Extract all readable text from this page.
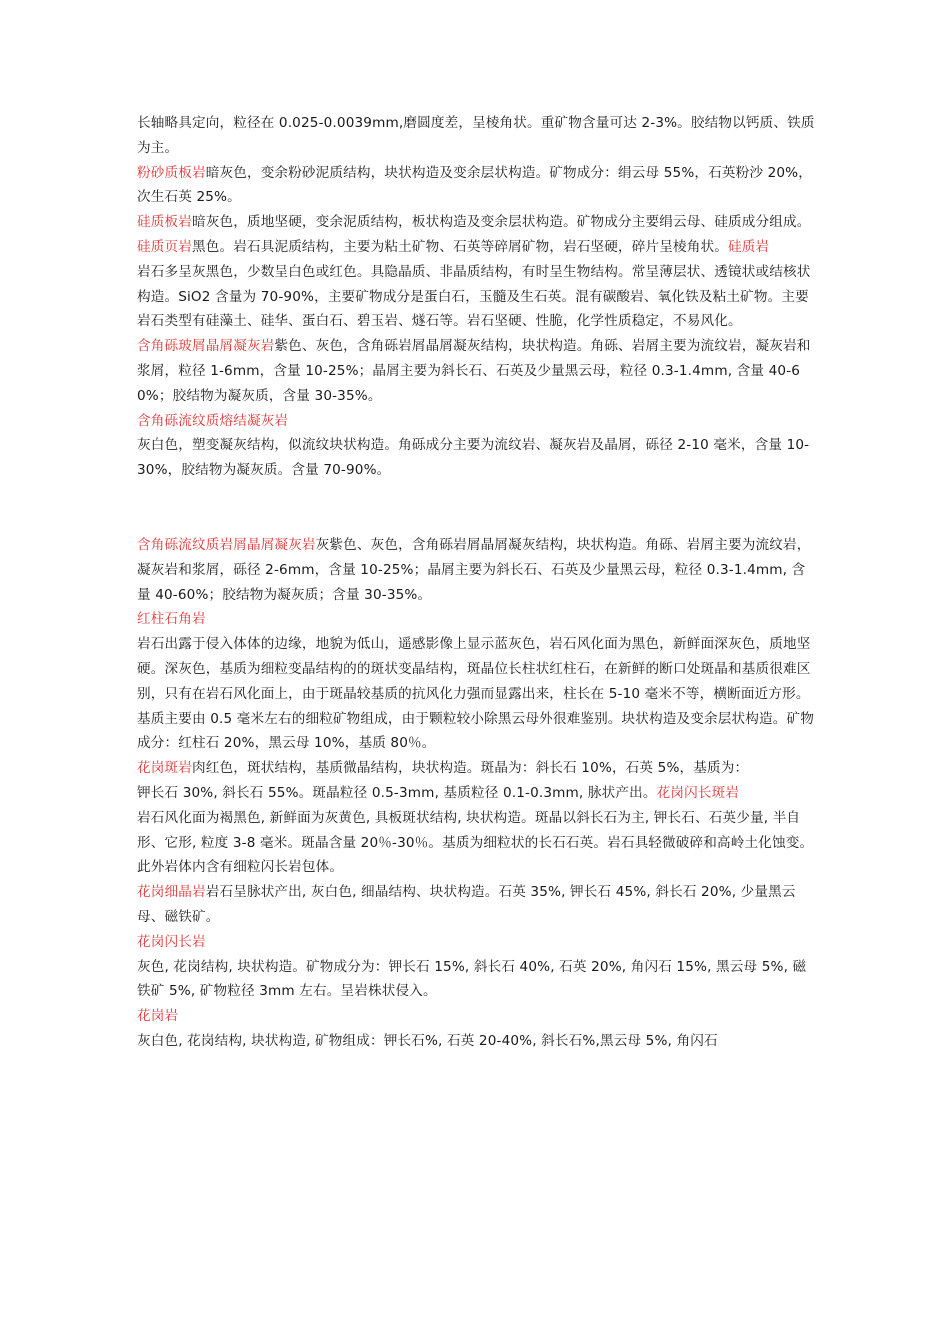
长轴略具定向，粒径在 0.025-0.0039mm,磨圆度差，呈棱角状。重矿物含量可达 2-3%。胶结物以钙质、铁质为主。

粉砂质板岩暗灰色，变余粉砂泥质结构，块状构造及变余层状构造。矿物成分：绢云母 55%，石英粉沙 20%，次生石英 25%。

硅质板岩暗灰色，质地坚硬，变余泥质结构，板状构造及变余层状构造。矿物成分主要绢云母、硅质成分组成。

硅质页岩黑色。岩石具泥质结构，主要为粘土矿物、石英等碎屑矿物，岩石坚硬，碎片呈棱角状。硅质岩

岩石多呈灰黑色，少数呈白色或红色。具隐晶质、非晶质结构，有时呈生物结构。常呈薄层状、透镜状或结核状构造。SiO2 含量为 70-90%，主要矿物成分是蛋白石，玉髓及生石英。混有碳酸岩、氧化铁及粘土矿物。主要岩石类型有硅藻土、硅华、蛋白石、碧玉岩、燧石等。岩石坚硬、性脆，化学性质稳定，不易风化。

含角砾玻屑晶屑凝灰岩紫色、灰色，含角砾岩屑晶屑凝灰结构，块状构造。角砾、岩屑主要为流纹岩，凝灰岩和浆屑，粒径 1-6mm，含量 10-25%；晶屑主要为斜长石、石英及少量黑云母，粒径 0.3-1.4mm, 含量 40-60%；胶结物为凝灰质，含量 30-35%。

含角砾流纹质熔结凝灰岩

灰白色，塑变凝灰结构，似流纹块状构造。角砾成分主要为流纹岩、凝灰岩及晶屑，砾径 2-10 毫米，含量 10-30%，胶结物为凝灰质。含量 70-90%。

含角砾流纹质岩屑晶屑凝灰岩灰紫色、灰色，含角砾岩屑晶屑凝灰结构，块状构造。角砾、岩屑主要为流纹岩，凝灰岩和浆屑，砾径 2-6mm，含量 10-25%；晶屑主要为斜长石、石英及少量黑云母，粒径 0.3-1.4mm, 含量 40-60%；胶结物为凝灰质；含量 30-35%。

红柱石角岩

岩石出露于侵入体体的边缘，地貌为低山，遥感影像上显示蓝灰色，岩石风化面为黑色，新鲜面深灰色，质地坚硬。深灰色，基质为细粒变晶结构的的斑状变晶结构，斑晶位长柱状红柱石，在新鲜的断口处斑晶和基质很难区别，只有在岩石风化面上，由于斑晶较基质的抗风化力强而显露出来，柱长在 5-10 毫米不等，横断面近方形。基质主要由 0.5 毫米左右的细粒矿物组成，由于颗粒较小除黑云母外很难鉴别。块状构造及变余层状构造。矿物成分：红柱石 20%，黑云母 10%，基质 80％。

花岗斑岩肉红色，斑状结构，基质微晶结构，块状构造。斑晶为：斜长石 10%，石英 5%，基质为：

钾长石 30%, 斜长石 55%。斑晶粒径 0.5-3mm, 基质粒径 0.1-0.3mm, 脉状产出。花岗闪长斑岩

岩石风化面为褐黑色, 新鲜面为灰黄色, 具板斑状结构, 块状构造。斑晶以斜长石为主, 钾长石、石英少量, 半自形、它形, 粒度 3-8 毫米。斑晶含量 20％-30％。基质为细粒状的长石石英。岩石具轻微破碎和高岭土化蚀变。此外岩体内含有细粒闪长岩包体。

花岗细晶岩岩石呈脉状产出, 灰白色, 细晶结构、块状构造。石英 35%, 钾长石 45%, 斜长石 20%, 少量黑云母、磁铁矿。

花岗闪长岩

灰色, 花岗结构, 块状构造。矿物成分为：钾长石 15%, 斜长石 40%, 石英 20%, 角闪石 15%, 黑云母 5%, 磁铁矿 5%, 矿物粒径 3mm 左右。呈岩株状侵入。

花岗岩

灰白色, 花岗结构, 块状构造, 矿物组成：钾长石%, 石英 20-40%, 斜长石%,黑云母 5%, 角闪石
